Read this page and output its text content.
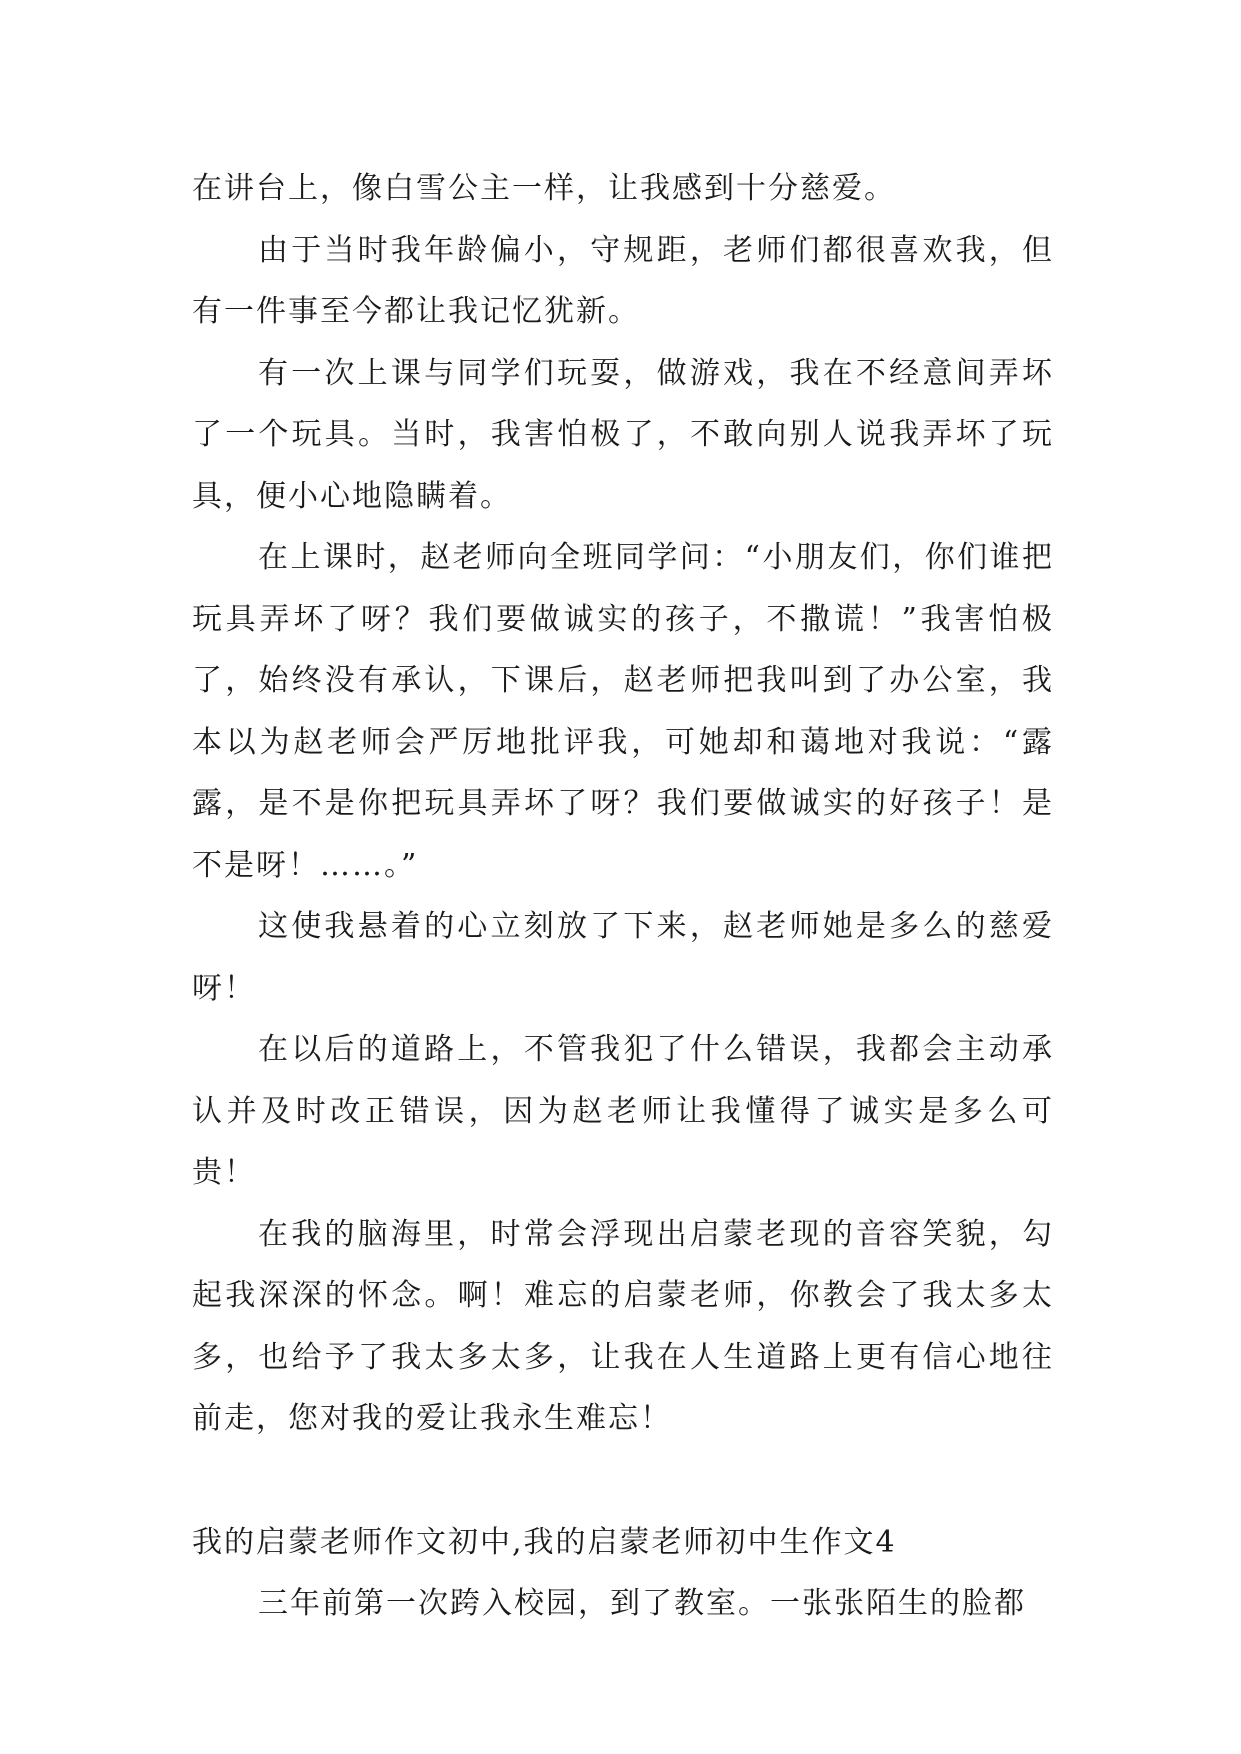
在讲台上，像白雪公主一样，让我感到十分慈爱。

由于当时我年龄偏小，守规距，老师们都很喜欢我，但有一件事至今都让我记忆犹新。

有一次上课与同学们玩耍，做游戏，我在不经意间弄坏了一个玩具。当时，我害怕极了，不敢向别人说我弄坏了玩具，便小心地隐瞒着。

在上课时，赵老师向全班同学问：“小朋友们，你们谁把玩具弄坏了呀？我们要做诚实的孩子，不撒谎！”我害怕极了，始终没有承认，下课后，赵老师把我叫到了办公室，我本以为赵老师会严厉地批评我，可她却和蔼地对我说：“露露，是不是你把玩具弄坏了呀？我们要做诚实的好孩子！是不是呀！……。”

这使我悬着的心立刻放了下来，赵老师她是多么的慈爱呀！

在以后的道路上，不管我犯了什么错误，我都会主动承认并及时改正错误，因为赵老师让我懂得了诚实是多么可贵！

在我的脑海里，时常会浮现出启蒙老现的音容笑貌，勾起我深深的怀念。啊！难忘的启蒙老师，你教会了我太多太多，也给予了我太多太多，让我在人生道路上更有信心地往前走，您对我的爱让我永生难忘！

我的启蒙老师作文初中,我的启蒙老师初中生作文4

三年前第一次跨入校园，到了教室。一张张陌生的脸都
